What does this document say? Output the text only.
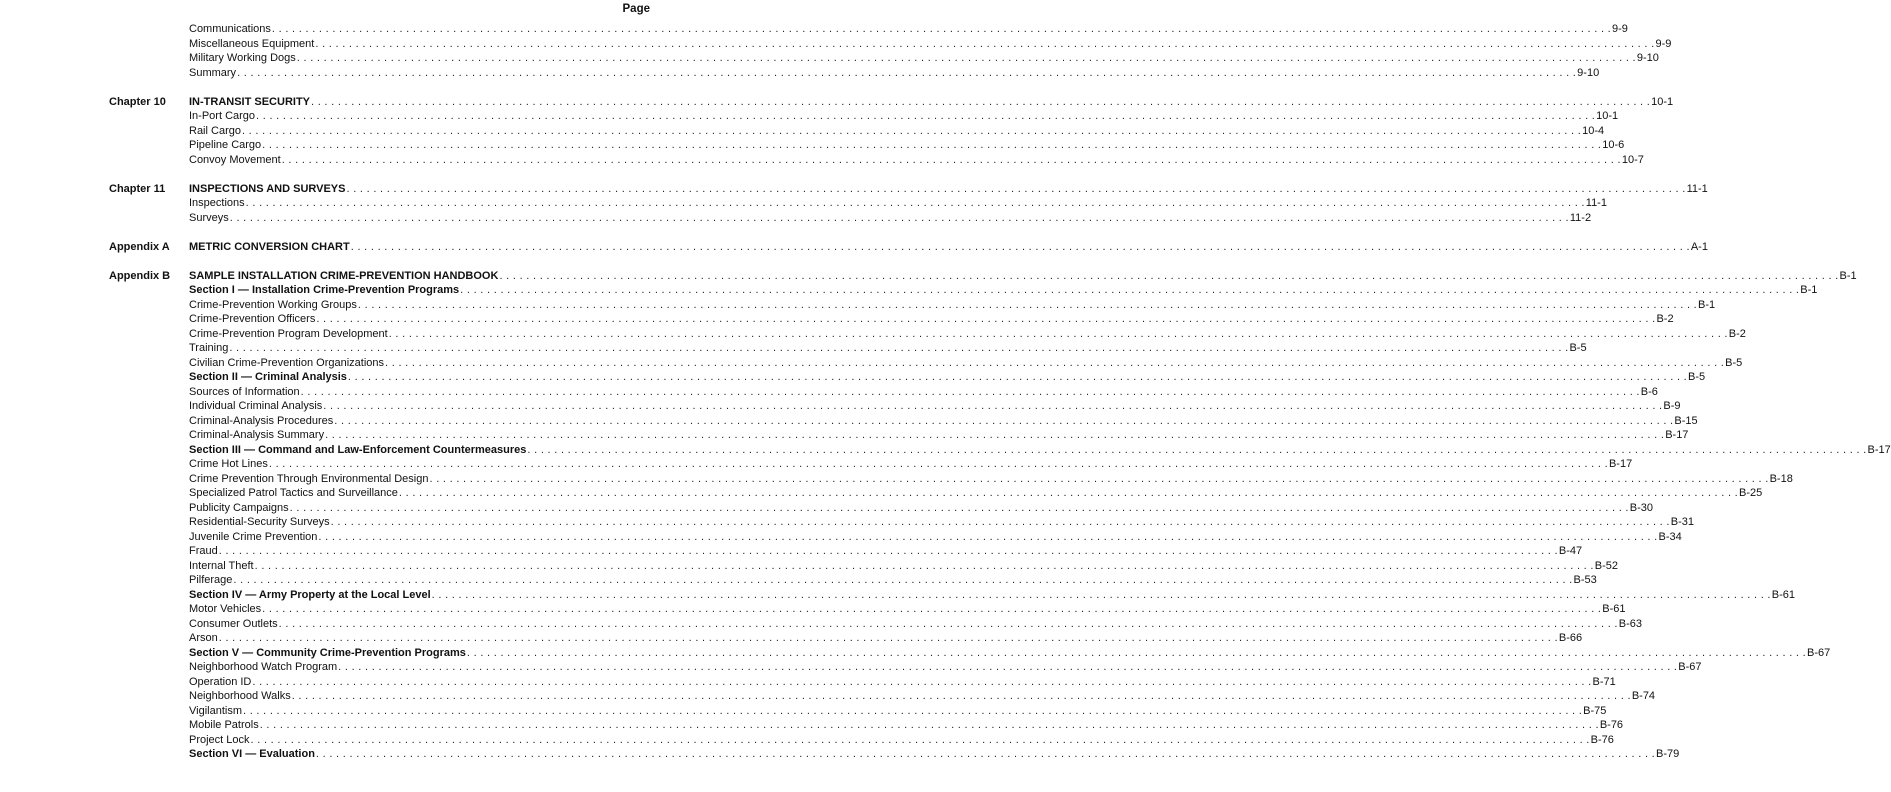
Page
Communications . . . . . . . . . . . . . . . . . . . . . . . . . . . . . . . . . . . . . . . . . . . . . . . . . . . . . . . . . . . . . . . . . . . . . . . . . . . . . . . . . . . . . . . . . . . . . . . . . . . . . . . . . . . . . . . . . . . . . . . . . . . . . . . . . . . . . . . . . . . . . . . . . . . . . . . . . . . . . . . . . . . . . . . . . . . . . . . . . . . . . . . . . . . . . . . . . . . . . . . . 9-9
Miscellaneous Equipment . . . . . . . . . . . . . . . . . . . . . . . . . . . . . . . . . . . . . . . . . . . . . . . . . . . . . . . . . . . . . . . . . . . . . . . . . . . . . . . . . . . . . . . . . . . . . . . . . . . . . . . . . . . . . . . . . . . . . . . . . . . . . . . . . . . . . . . . . . . . . . . . . . . . . . . . . . . . . . . . . . . . . . . . . . . . . . . . . . . . . . . . . . . . . . . . . . . . . . . . 9-9
Military Working Dogs . . . . . . . . . . . . . . . . . . . . . . . . . . . . . . . . . . . . . . . . . . . . . . . . . . . . . . . . . . . . . . . . . . . . . . . . . . . . . . . . . . . . . . . . . . . . . . . . . . . . . . . . . . . . . . . . . . . . . . . . . . . . . . . . . . . . . . . . . . . . . . . . . . . . . . . . . . . . . . . . . . . . . . . . . . . . . . . . . . . . . . . . . . . . . . . . . . . . . . . . 9-10
Summary . . . . . . . . . . . . . . . . . . . . . . . . . . . . . . . . . . . . . . . . . . . . . . . . . . . . . . . . . . . . . . . . . . . . . . . . . . . . . . . . . . . . . . . . . . . . . . . . . . . . . . . . . . . . . . . . . . . . . . . . . . . . . . . . . . . . . . . . . . . . . . . . . . . . . . . . . . . . . . . . . . . . . . . . . . . . . . . . . . . . . . . . . . . . . . . . . . . . . . . . 9-10
Chapter 10	IN-TRANSIT SECURITY . . . . . . . . . . . . . . . . . . . . . . . . . . . . . . . . . . . . . . . . . . . . . . . . . . . . . . . . . . . . . . . . . . . . . . . . . . . . . . . . . . . . . . . . . . . . . . . . . . . . . . . . . . . . . . . . . . . . . . . . . . . . . . . . . . . . . . . . . . . . . . . . . . . . . . . . . . . . . . . . . . . . . . . . . . . . . . . . . . . . . . . . . . . . . . . . . . . . . . . . 10-1
In-Port Cargo . . . . . . . . . . . . . . . . . . . . . . . . . . . . . . . . . . . . . . . . . . . . . . . . . . . . . . . . . . . . . . . . . . . . . . . . . . . . . . . . . . . . . . . . . . . . . . . . . . . . . . . . . . . . . . . . . . . . . . . . . . . . . . . . . . . . . . . . . . . . . . . . . . . . . . . . . . . . . . . . . . . . . . . . . . . . . . . . . . . . . . . . . . . . . . . . . . . . . . . . 10-1
Rail Cargo . . . . . . . . . . . . . . . . . . . . . . . . . . . . . . . . . . . . . . . . . . . . . . . . . . . . . . . . . . . . . . . . . . . . . . . . . . . . . . . . . . . . . . . . . . . . . . . . . . . . . . . . . . . . . . . . . . . . . . . . . . . . . . . . . . . . . . . . . . . . . . . . . . . . . . . . . . . . . . . . . . . . . . . . . . . . . . . . . . . . . . . . . . . . . . . . . . . . . . . . 10-4
Pipeline Cargo . . . . . . . . . . . . . . . . . . . . . . . . . . . . . . . . . . . . . . . . . . . . . . . . . . . . . . . . . . . . . . . . . . . . . . . . . . . . . . . . . . . . . . . . . . . . . . . . . . . . . . . . . . . . . . . . . . . . . . . . . . . . . . . . . . . . . . . . . . . . . . . . . . . . . . . . . . . . . . . . . . . . . . . . . . . . . . . . . . . . . . . . . . . . . . . . . . . . . . . . 10-6
Convoy Movement . . . . . . . . . . . . . . . . . . . . . . . . . . . . . . . . . . . . . . . . . . . . . . . . . . . . . . . . . . . . . . . . . . . . . . . . . . . . . . . . . . . . . . . . . . . . . . . . . . . . . . . . . . . . . . . . . . . . . . . . . . . . . . . . . . . . . . . . . . . . . . . . . . . . . . . . . . . . . . . . . . . . . . . . . . . . . . . . . . . . . . . . . . . . . . . . . . . . . . . . 10-7
Chapter 11	INSPECTIONS AND SURVEYS . . . . . . . . . . . . . . . . . . . . . . . . . . . . . . . . . . . . . . . . . . . . . . . . . . . . . . . . . . . . . . . . . . . . . . . . . . . . . . . . . . . . . . . . . . . . . . . . . . . . . . . . . . . . . . . . . . . . . . . . . . . . . . . . . . . . . . . . . . . . . . . . . . . . . . . . . . . . . . . . . . . . . . . . . . . . . . . . . . . . . . . . . . . . . . . . . . . . . . . . 11-1
Inspections . . . . . . . . . . . . . . . . . . . . . . . . . . . . . . . . . . . . . . . . . . . . . . . . . . . . . . . . . . . . . . . . . . . . . . . . . . . . . . . . . . . . . . . . . . . . . . . . . . . . . . . . . . . . . . . . . . . . . . . . . . . . . . . . . . . . . . . . . . . . . . . . . . . . . . . . . . . . . . . . . . . . . . . . . . . . . . . . . . . . . . . . . . . . . . . . . . . . . . . . 11-1
Surveys . . . . . . . . . . . . . . . . . . . . . . . . . . . . . . . . . . . . . . . . . . . . . . . . . . . . . . . . . . . . . . . . . . . . . . . . . . . . . . . . . . . . . . . . . . . . . . . . . . . . . . . . . . . . . . . . . . . . . . . . . . . . . . . . . . . . . . . . . . . . . . . . . . . . . . . . . . . . . . . . . . . . . . . . . . . . . . . . . . . . . . . . . . . . . . . . . . . . . . . . 11-2
Appendix A	METRIC CONVERSION CHART . . . . . . . . . . . . . . . . . . . . . . . . . . . . . . . . . . . . . . . . . . . . . . . . . . . . . . . . . . . . . . . . . . . . . . . . . . . . . . . . . . . . . . . . . . . . . . . . . . . . . . . . . . . . . . . . . . . . . . . . . . . . . . . . . . . . . . . . . . . . . . . . . . . . . . . . . . . . . . . . . . . . . . . . . . . . . . . . . . . . . . . . . . . . . . . . . . . . . . . . A-1
Appendix B	SAMPLE INSTALLATION CRIME-PREVENTION HANDBOOK . . . . . . . . . . . . . . . . . . . . . . . . . . . . . . . . . . . . . . . . . . . . . . . . . . . . . . . . . . . . . . . . . . . . . . . . . . . . . . . . . . . . . . . . . . . . . . . . . . . . . . . . . . . . . . . . . . . . . . . . . . . . . . . . . . . . . . . . . . . . . . . . . . . . . . . . . . . . . . . . . . . . . . . . . . . . . . . . . . . . . . . . . . . . . . . . . . . . . . . . B-1
Section I — Installation Crime-Prevention Programs . . . . . . . . . . . . . . . . . . . . . . . . . . . . . . . . . . . . . . . . . . . . . . . . . . . . . . . . . . . . . . . . . . . . . . . . . . . . . . . . . . . . . . . . . . . . . . . . . . . . . . . . . . . . . . . . . . . . . . . . . . . . . . . . . . . . . . . . . . . . . . . . . . . . . . . . . . . . . . . . . . . . . . . . . . . . . . . . . . . . . . . . . . . . . . . . . . . . . . . . B-1
Crime-Prevention Working Groups . . . . . . . . . . . . . . . . . . . . . . . . . . . . . . . . . . . . . . . . . . . . . . . . . . . . . . . . . . . . . . . . . . . . . . . . . . . . . . . . . . . . . . . . . . . . . . . . . . . . . . . . . . . . . . . . . . . . . . . . . . . . . . . . . . . . . . . . . . . . . . . . . . . . . . . . . . . . . . . . . . . . . . . . . . . . . . . . . . . . . . . . . . . . . . . . . . . . . . . . B-1
Crime-Prevention Officers . . . . . . . . . . . . . . . . . . . . . . . . . . . . . . . . . . . . . . . . . . . . . . . . . . . . . . . . . . . . . . . . . . . . . . . . . . . . . . . . . . . . . . . . . . . . . . . . . . . . . . . . . . . . . . . . . . . . . . . . . . . . . . . . . . . . . . . . . . . . . . . . . . . . . . . . . . . . . . . . . . . . . . . . . . . . . . . . . . . . . . . . . . . . . . . . . . . . . . . . B-2
Crime-Prevention Program Development . . . . . . . . . . . . . . . . . . . . . . . . . . . . . . . . . . . . . . . . . . . . . . . . . . . . . . . . . . . . . . . . . . . . . . . . . . . . . . . . . . . . . . . . . . . . . . . . . . . . . . . . . . . . . . . . . . . . . . . . . . . . . . . . . . . . . . . . . . . . . . . . . . . . . . . . . . . . . . . . . . . . . . . . . . . . . . . . . . . . . . . . . . . . . . . . . . . . . . . . B-2
Training . . . . . . . . . . . . . . . . . . . . . . . . . . . . . . . . . . . . . . . . . . . . . . . . . . . . . . . . . . . . . . . . . . . . . . . . . . . . . . . . . . . . . . . . . . . . . . . . . . . . . . . . . . . . . . . . . . . . . . . . . . . . . . . . . . . . . . . . . . . . . . . . . . . . . . . . . . . . . . . . . . . . . . . . . . . . . . . . . . . . . . . . . . . . . . . . . . . . . . . . B-5
Civilian Crime-Prevention Organizations . . . . . . . . . . . . . . . . . . . . . . . . . . . . . . . . . . . . . . . . . . . . . . . . . . . . . . . . . . . . . . . . . . . . . . . . . . . . . . . . . . . . . . . . . . . . . . . . . . . . . . . . . . . . . . . . . . . . . . . . . . . . . . . . . . . . . . . . . . . . . . . . . . . . . . . . . . . . . . . . . . . . . . . . . . . . . . . . . . . . . . . . . . . . . . . . . . . . . . . . B-5
Section II — Criminal Analysis . . . . . . . . . . . . . . . . . . . . . . . . . . . . . . . . . . . . . . . . . . . . . . . . . . . . . . . . . . . . . . . . . . . . . . . . . . . . . . . . . . . . . . . . . . . . . . . . . . . . . . . . . . . . . . . . . . . . . . . . . . . . . . . . . . . . . . . . . . . . . . . . . . . . . . . . . . . . . . . . . . . . . . . . . . . . . . . . . . . . . . . . . . . . . . . . . . . . . . . . B-5
Sources of Information . . . . . . . . . . . . . . . . . . . . . . . . . . . . . . . . . . . . . . . . . . . . . . . . . . . . . . . . . . . . . . . . . . . . . . . . . . . . . . . . . . . . . . . . . . . . . . . . . . . . . . . . . . . . . . . . . . . . . . . . . . . . . . . . . . . . . . . . . . . . . . . . . . . . . . . . . . . . . . . . . . . . . . . . . . . . . . . . . . . . . . . . . . . . . . . . . . . . . . . . B-6
Individual Criminal Analysis . . . . . . . . . . . . . . . . . . . . . . . . . . . . . . . . . . . . . . . . . . . . . . . . . . . . . . . . . . . . . . . . . . . . . . . . . . . . . . . . . . . . . . . . . . . . . . . . . . . . . . . . . . . . . . . . . . . . . . . . . . . . . . . . . . . . . . . . . . . . . . . . . . . . . . . . . . . . . . . . . . . . . . . . . . . . . . . . . . . . . . . . . . . . . . . . . . . . . . . . B-9
Criminal-Analysis Procedures . . . . . . . . . . . . . . . . . . . . . . . . . . . . . . . . . . . . . . . . . . . . . . . . . . . . . . . . . . . . . . . . . . . . . . . . . . . . . . . . . . . . . . . . . . . . . . . . . . . . . . . . . . . . . . . . . . . . . . . . . . . . . . . . . . . . . . . . . . . . . . . . . . . . . . . . . . . . . . . . . . . . . . . . . . . . . . . . . . . . . . . . . . . . . . . . . . . . . . . . B-15
Criminal-Analysis Summary . . . . . . . . . . . . . . . . . . . . . . . . . . . . . . . . . . . . . . . . . . . . . . . . . . . . . . . . . . . . . . . . . . . . . . . . . . . . . . . . . . . . . . . . . . . . . . . . . . . . . . . . . . . . . . . . . . . . . . . . . . . . . . . . . . . . . . . . . . . . . . . . . . . . . . . . . . . . . . . . . . . . . . . . . . . . . . . . . . . . . . . . . . . . . . . . . . . . . . . . B-17
Section III — Command and Law-Enforcement Countermeasures . . . . . . . . . . . . . . . . . . . . . . . . . . . . . . . . . . . . . . . . . . . . . . . . . . . . . . . . . . . . . . . . . . . . . . . . . . . . . . . . . . . . . . . . . . . . . . . . . . . . . . . . . . . . . . . . . . . . . . . . . . . . . . . . . . . . . . . . . . . . . . . . . . . . . . . . . . . . . . . . . . . . . . . . . . . . . . . . . . . . . . . . . . . . . . . . . . . . . . . . B-17
Crime Hot Lines . . . . . . . . . . . . . . . . . . . . . . . . . . . . . . . . . . . . . . . . . . . . . . . . . . . . . . . . . . . . . . . . . . . . . . . . . . . . . . . . . . . . . . . . . . . . . . . . . . . . . . . . . . . . . . . . . . . . . . . . . . . . . . . . . . . . . . . . . . . . . . . . . . . . . . . . . . . . . . . . . . . . . . . . . . . . . . . . . . . . . . . . . . . . . . . . . . . . . . . . B-17
Crime Prevention Through Environmental Design . . . . . . . . . . . . . . . . . . . . . . . . . . . . . . . . . . . . . . . . . . . . . . . . . . . . . . . . . . . . . . . . . . . . . . . . . . . . . . . . . . . . . . . . . . . . . . . . . . . . . . . . . . . . . . . . . . . . . . . . . . . . . . . . . . . . . . . . . . . . . . . . . . . . . . . . . . . . . . . . . . . . . . . . . . . . . . . . . . . . . . . . . . . . . . . . . . . . . . . . B-18
Specialized Patrol Tactics and Surveillance . . . . . . . . . . . . . . . . . . . . . . . . . . . . . . . . . . . . . . . . . . . . . . . . . . . . . . . . . . . . . . . . . . . . . . . . . . . . . . . . . . . . . . . . . . . . . . . . . . . . . . . . . . . . . . . . . . . . . . . . . . . . . . . . . . . . . . . . . . . . . . . . . . . . . . . . . . . . . . . . . . . . . . . . . . . . . . . . . . . . . . . . . . . . . . . . . . . . . . . . B-25
Publicity Campaigns . . . . . . . . . . . . . . . . . . . . . . . . . . . . . . . . . . . . . . . . . . . . . . . . . . . . . . . . . . . . . . . . . . . . . . . . . . . . . . . . . . . . . . . . . . . . . . . . . . . . . . . . . . . . . . . . . . . . . . . . . . . . . . . . . . . . . . . . . . . . . . . . . . . . . . . . . . . . . . . . . . . . . . . . . . . . . . . . . . . . . . . . . . . . . . . . . . . . . . . . B-30
Residential-Security Surveys . . . . . . . . . . . . . . . . . . . . . . . . . . . . . . . . . . . . . . . . . . . . . . . . . . . . . . . . . . . . . . . . . . . . . . . . . . . . . . . . . . . . . . . . . . . . . . . . . . . . . . . . . . . . . . . . . . . . . . . . . . . . . . . . . . . . . . . . . . . . . . . . . . . . . . . . . . . . . . . . . . . . . . . . . . . . . . . . . . . . . . . . . . . . . . . . . . . . . . . . B-31
Juvenile Crime Prevention . . . . . . . . . . . . . . . . . . . . . . . . . . . . . . . . . . . . . . . . . . . . . . . . . . . . . . . . . . . . . . . . . . . . . . . . . . . . . . . . . . . . . . . . . . . . . . . . . . . . . . . . . . . . . . . . . . . . . . . . . . . . . . . . . . . . . . . . . . . . . . . . . . . . . . . . . . . . . . . . . . . . . . . . . . . . . . . . . . . . . . . . . . . . . . . . . . . . . . . . B-34
Fraud . . . . . . . . . . . . . . . . . . . . . . . . . . . . . . . . . . . . . . . . . . . . . . . . . . . . . . . . . . . . . . . . . . . . . . . . . . . . . . . . . . . . . . . . . . . . . . . . . . . . . . . . . . . . . . . . . . . . . . . . . . . . . . . . . . . . . . . . . . . . . . . . . . . . . . . . . . . . . . . . . . . . . . . . . . . . . . . . . . . . . . . . . . . . . . . . . . . . . . . . B-47
Internal Theft . . . . . . . . . . . . . . . . . . . . . . . . . . . . . . . . . . . . . . . . . . . . . . . . . . . . . . . . . . . . . . . . . . . . . . . . . . . . . . . . . . . . . . . . . . . . . . . . . . . . . . . . . . . . . . . . . . . . . . . . . . . . . . . . . . . . . . . . . . . . . . . . . . . . . . . . . . . . . . . . . . . . . . . . . . . . . . . . . . . . . . . . . . . . . . . . . . . . . . . . B-52
Pilferage . . . . . . . . . . . . . . . . . . . . . . . . . . . . . . . . . . . . . . . . . . . . . . . . . . . . . . . . . . . . . . . . . . . . . . . . . . . . . . . . . . . . . . . . . . . . . . . . . . . . . . . . . . . . . . . . . . . . . . . . . . . . . . . . . . . . . . . . . . . . . . . . . . . . . . . . . . . . . . . . . . . . . . . . . . . . . . . . . . . . . . . . . . . . . . . . . . . . . . . . B-53
Section IV — Army Property at the Local Level . . . . . . . . . . . . . . . . . . . . . . . . . . . . . . . . . . . . . . . . . . . . . . . . . . . . . . . . . . . . . . . . . . . . . . . . . . . . . . . . . . . . . . . . . . . . . . . . . . . . . . . . . . . . . . . . . . . . . . . . . . . . . . . . . . . . . . . . . . . . . . . . . . . . . . . . . . . . . . . . . . . . . . . . . . . . . . . . . . . . . . . . . . . . . . . . . . . . . . . . B-61
Motor Vehicles . . . . . . . . . . . . . . . . . . . . . . . . . . . . . . . . . . . . . . . . . . . . . . . . . . . . . . . . . . . . . . . . . . . . . . . . . . . . . . . . . . . . . . . . . . . . . . . . . . . . . . . . . . . . . . . . . . . . . . . . . . . . . . . . . . . . . . . . . . . . . . . . . . . . . . . . . . . . . . . . . . . . . . . . . . . . . . . . . . . . . . . . . . . . . . . . . . . . . . . . B-61
Consumer Outlets . . . . . . . . . . . . . . . . . . . . . . . . . . . . . . . . . . . . . . . . . . . . . . . . . . . . . . . . . . . . . . . . . . . . . . . . . . . . . . . . . . . . . . . . . . . . . . . . . . . . . . . . . . . . . . . . . . . . . . . . . . . . . . . . . . . . . . . . . . . . . . . . . . . . . . . . . . . . . . . . . . . . . . . . . . . . . . . . . . . . . . . . . . . . . . . . . . . . . . . . B-63
Arson . . . . . . . . . . . . . . . . . . . . . . . . . . . . . . . . . . . . . . . . . . . . . . . . . . . . . . . . . . . . . . . . . . . . . . . . . . . . . . . . . . . . . . . . . . . . . . . . . . . . . . . . . . . . . . . . . . . . . . . . . . . . . . . . . . . . . . . . . . . . . . . . . . . . . . . . . . . . . . . . . . . . . . . . . . . . . . . . . . . . . . . . . . . . . . . . . . . . . . . . B-66
Section V — Community Crime-Prevention Programs . . . . . . . . . . . . . . . . . . . . . . . . . . . . . . . . . . . . . . . . . . . . . . . . . . . . . . . . . . . . . . . . . . . . . . . . . . . . . . . . . . . . . . . . . . . . . . . . . . . . . . . . . . . . . . . . . . . . . . . . . . . . . . . . . . . . . . . . . . . . . . . . . . . . . . . . . . . . . . . . . . . . . . . . . . . . . . . . . . . . . . . . . . . . . . . . . . . . . . . . B-67
Neighborhood Watch Program . . . . . . . . . . . . . . . . . . . . . . . . . . . . . . . . . . . . . . . . . . . . . . . . . . . . . . . . . . . . . . . . . . . . . . . . . . . . . . . . . . . . . . . . . . . . . . . . . . . . . . . . . . . . . . . . . . . . . . . . . . . . . . . . . . . . . . . . . . . . . . . . . . . . . . . . . . . . . . . . . . . . . . . . . . . . . . . . . . . . . . . . . . . . . . . . . . . . . . . . B-67
Operation ID . . . . . . . . . . . . . . . . . . . . . . . . . . . . . . . . . . . . . . . . . . . . . . . . . . . . . . . . . . . . . . . . . . . . . . . . . . . . . . . . . . . . . . . . . . . . . . . . . . . . . . . . . . . . . . . . . . . . . . . . . . . . . . . . . . . . . . . . . . . . . . . . . . . . . . . . . . . . . . . . . . . . . . . . . . . . . . . . . . . . . . . . . . . . . . . . . . . . . . . . B-71
Neighborhood Walks . . . . . . . . . . . . . . . . . . . . . . . . . . . . . . . . . . . . . . . . . . . . . . . . . . . . . . . . . . . . . . . . . . . . . . . . . . . . . . . . . . . . . . . . . . . . . . . . . . . . . . . . . . . . . . . . . . . . . . . . . . . . . . . . . . . . . . . . . . . . . . . . . . . . . . . . . . . . . . . . . . . . . . . . . . . . . . . . . . . . . . . . . . . . . . . . . . . . . . . . B-74
Vigilantism . . . . . . . . . . . . . . . . . . . . . . . . . . . . . . . . . . . . . . . . . . . . . . . . . . . . . . . . . . . . . . . . . . . . . . . . . . . . . . . . . . . . . . . . . . . . . . . . . . . . . . . . . . . . . . . . . . . . . . . . . . . . . . . . . . . . . . . . . . . . . . . . . . . . . . . . . . . . . . . . . . . . . . . . . . . . . . . . . . . . . . . . . . . . . . . . . . . . . . . . B-75
Mobile Patrols . . . . . . . . . . . . . . . . . . . . . . . . . . . . . . . . . . . . . . . . . . . . . . . . . . . . . . . . . . . . . . . . . . . . . . . . . . . . . . . . . . . . . . . . . . . . . . . . . . . . . . . . . . . . . . . . . . . . . . . . . . . . . . . . . . . . . . . . . . . . . . . . . . . . . . . . . . . . . . . . . . . . . . . . . . . . . . . . . . . . . . . . . . . . . . . . . . . . . . . . B-76
Project Lock . . . . . . . . . . . . . . . . . . . . . . . . . . . . . . . . . . . . . . . . . . . . . . . . . . . . . . . . . . . . . . . . . . . . . . . . . . . . . . . . . . . . . . . . . . . . . . . . . . . . . . . . . . . . . . . . . . . . . . . . . . . . . . . . . . . . . . . . . . . . . . . . . . . . . . . . . . . . . . . . . . . . . . . . . . . . . . . . . . . . . . . . . . . . . . . . . . . . . . . . B-76
Section VI — Evaluation . . . . . . . . . . . . . . . . . . . . . . . . . . . . . . . . . . . . . . . . . . . . . . . . . . . . . . . . . . . . . . . . . . . . . . . . . . . . . . . . . . . . . . . . . . . . . . . . . . . . . . . . . . . . . . . . . . . . . . . . . . . . . . . . . . . . . . . . . . . . . . . . . . . . . . . . . . . . . . . . . . . . . . . . . . . . . . . . . . . . . . . . . . . . . . . . . . . . . . . . B-79
